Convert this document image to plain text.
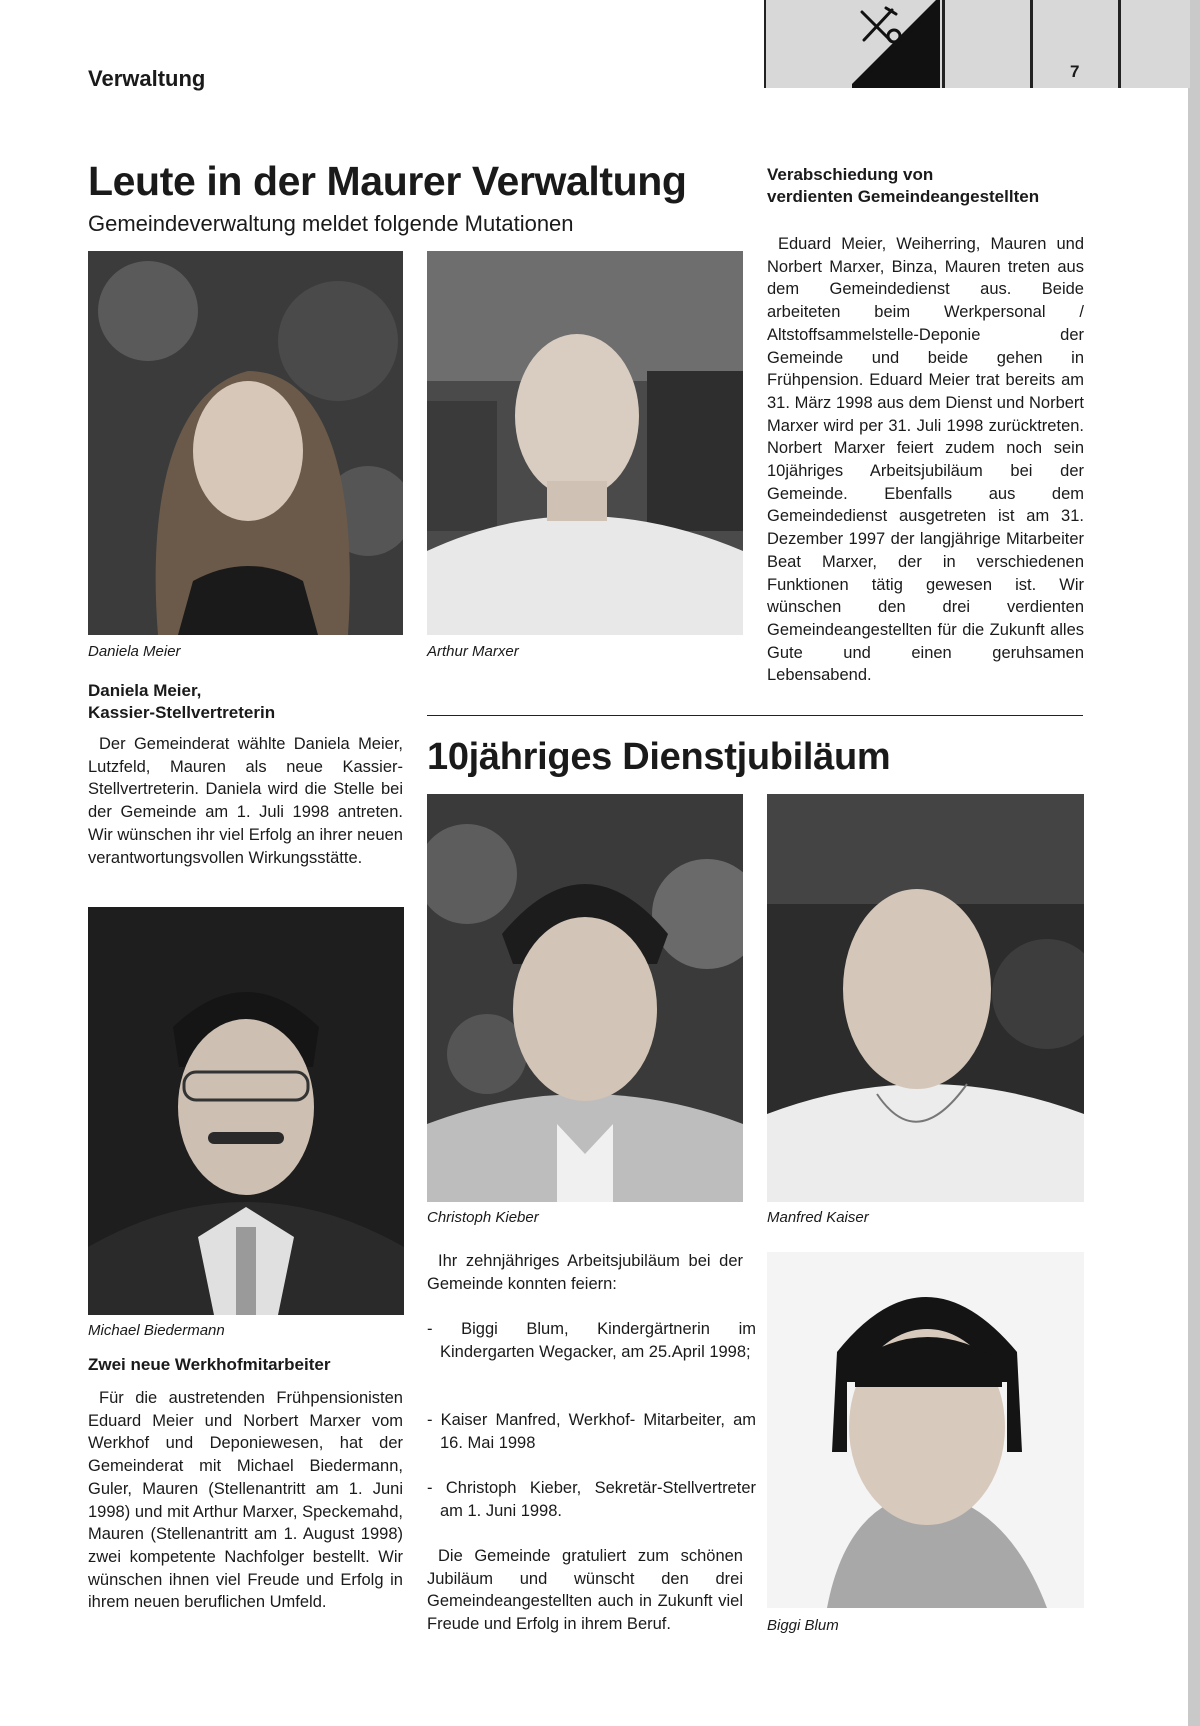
7
Verwaltung
Leute in der Maurer Verwaltung

Gemeindeverwaltung meldet folgende Mutationen

Daniela Meier	Arthur Marxer
Michael Biedermann
Christoph Kieber	Manfred Kaiser
Biggi Blum
Daniela Meier,
Kassier-Stellvertreterin

Der Gemeinderat wählte Daniela Meier, Lutzfeld, Mauren als neue Kassier-Stellvertreterin. Daniela wird die Stelle bei der Gemeinde am 1. Juli 1998 antreten. Wir wünschen ihr viel Erfolg an ihrer neuen verantwortungsvollen Wirkungsstätte.

Zwei neue Werkhofmitarbeiter

Für die austretenden Frühpensionisten Eduard Meier und Norbert Marxer vom Werkhof und Deponiewesen, hat der Gemeinderat mit Michael Biedermann, Guler, Mauren (Stellenantritt am 1. Juni 1998) und mit Arthur Marxer, Speckemahd, Mauren (Stellenantritt am 1. August 1998) zwei kompetente Nachfolger bestellt. Wir wünschen ihnen viel Freude und Erfolg in ihrem neuen beruflichen Umfeld.

Verabschiedung von
verdienten Gemeindeangestellten

Eduard Meier, Weiherring, Mauren und Norbert Marxer, Binza, Mauren treten aus dem Gemeindedienst aus. Beide arbeiteten beim Werkpersonal / Altstoffsammelstelle-Deponie der Gemeinde und beide gehen in Frühpension. Eduard Meier trat bereits am 31. März 1998 aus dem Dienst und Norbert Marxer wird per 31. Juli 1998 zurücktreten. Norbert Marxer feiert zudem noch sein 10jähriges Arbeitsjubiläum bei der Gemeinde. Ebenfalls aus dem Gemeindedienst ausgetreten ist am 31. Dezember 1997 der langjährige Mitarbeiter Beat Marxer, der in verschiedenen Funktionen tätig gewesen ist. Wir wünschen den drei verdienten Gemeindeangestellten für die Zukunft alles Gute und einen geruhsamen Lebensabend.

10jähriges Dienstjubiläum

Ihr zehnjähriges Arbeitsjubiläum bei der Gemeinde konnten feiern:

- Biggi Blum, Kindergärtnerin im Kindergarten Wegacker, am 25.April 1998;

- Kaiser Manfred, Werkhof- Mitarbeiter, am 16. Mai 1998

- Christoph Kieber, Sekretär-Stellvertreter am 1. Juni 1998.

Die Gemeinde gratuliert zum schönen Jubiläum und wünscht den drei Gemeindeangestellten auch in Zukunft viel Freude und Erfolg in ihrem Beruf.
